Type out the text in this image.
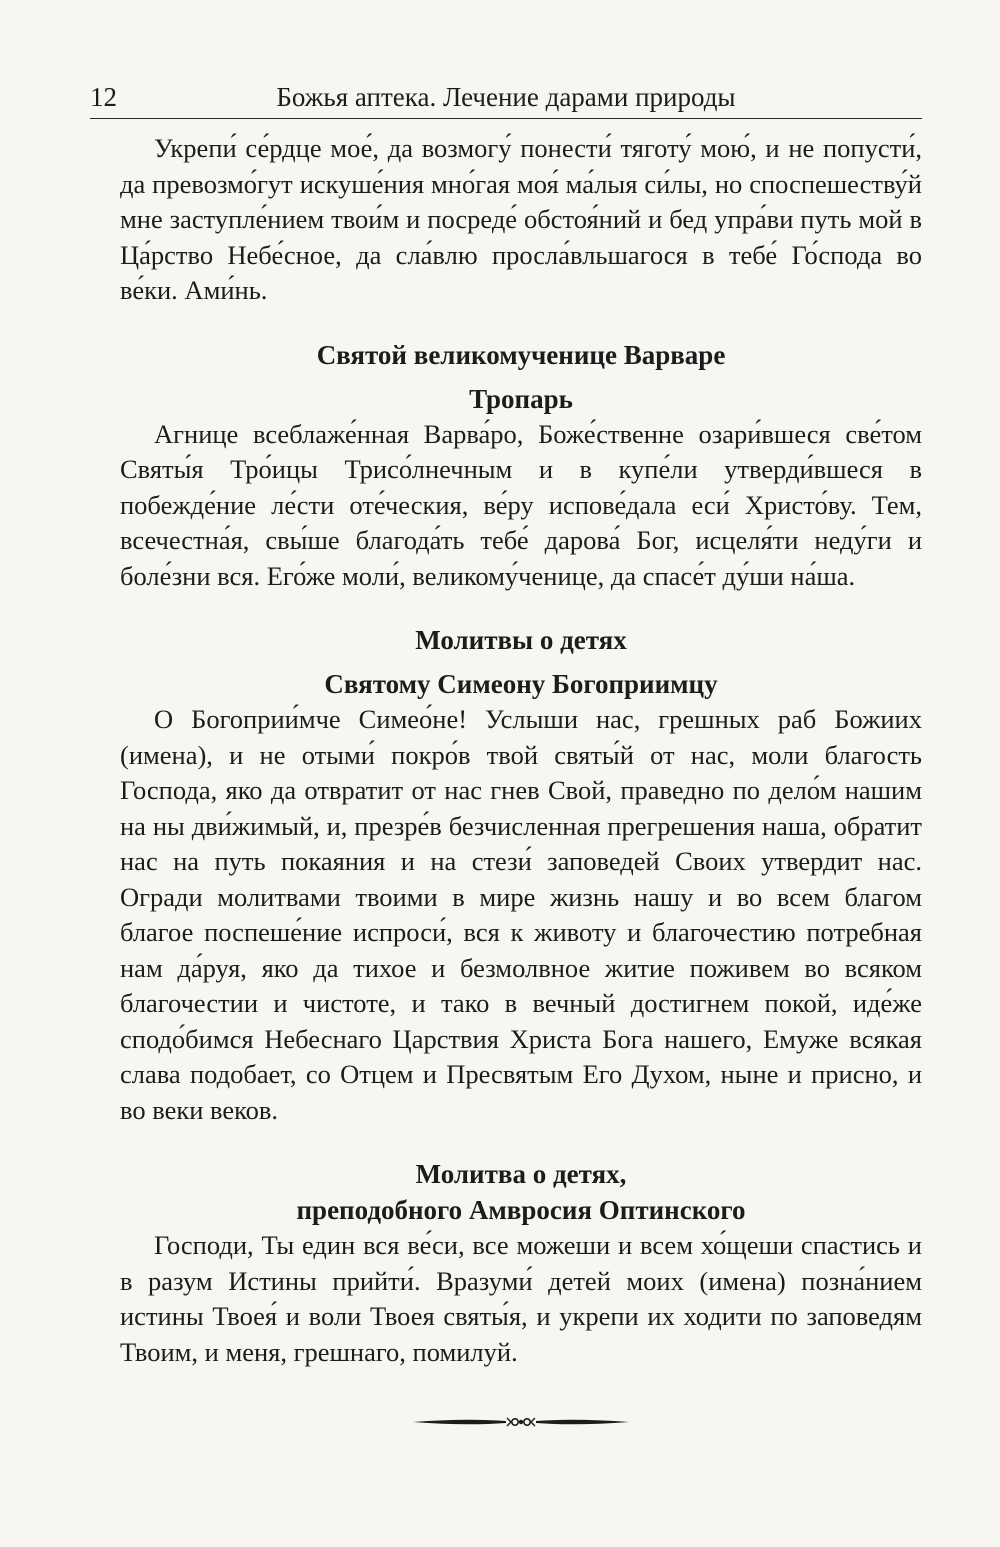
12	Божья аптека. Лечение дарами природы

Укрепи́ се́рдце мое́, да возмогу́ понести́ тяготу́ мою́, и не попусти́, да превозмо́гут искуше́ния мно́гая моя́ ма́лыя си́лы, но споспешеству́й мне заступле́нием твои́м и посреде́ обстоя́ний и бед упра́ви путь мой в Ца́рство Небе́сное, да сла́влю просла́вльшагося в тебе́ Го́спода во ве́ки. Ами́нь.

Святой великомученице Варваре
Тропарь

Агнице всеблаже́нная Варва́ро, Боже́ственне озари́вшеся све́том Святы́я Тро́ицы Трисо́лнечным и в купе́ли утверди́вшеся в побежде́ние ле́сти оте́ческия, ве́ру испове́дала еси́ Христо́ву. Тем, всечестна́я, свы́ше благода́ть тебе́ дарова́ Бог, исцеля́ти неду́ги и боле́зни вся. Его́же моли́, великому́ченице, да спасе́т ду́ши на́ша.

Молитвы о детях
Святому Симеону Богоприимцу

О Богоприи́мче Симео́не! Услыши нас, грешных раб Божиих (имена), и не отыми́ покро́в твой святы́й от нас, моли благость Господа, яко да отвратит от нас гнев Свой, праведно по дело́м нашим на ны дви́жимый, и, презре́в безчисленная прегрешения наша, обратит нас на путь покаяния и на стези́ заповедей Своих утвердит нас. Огради молитвами твоими в мире жизнь нашу и во всем благом благое поспеше́ние испроси́, вся к животу и благочестию потребная нам да́руя, яко да тихое и безмолвное житие поживем во всяком благочестии и чистоте, и тако в вечный достигнем покой, иде́же сподо́бимся Небеснаго Царствия Христа Бога нашего, Емуже всякая слава подобает, со Отцем и Пресвятым Его Духом, ныне и присно, и во веки веков.

Молитва о детях,
преподобного Амвросия Оптинского

Господи, Ты един вся ве́си, все можеши и всем хо́щеши спастись и в разум Истины прийти́. Вразуми́ детей моих (имена) позна́нием истины Твоея́ и воли Твоея святы́я, и укрепи их ходити по заповедям Твоим, и меня, грешнаго, помилуй.
